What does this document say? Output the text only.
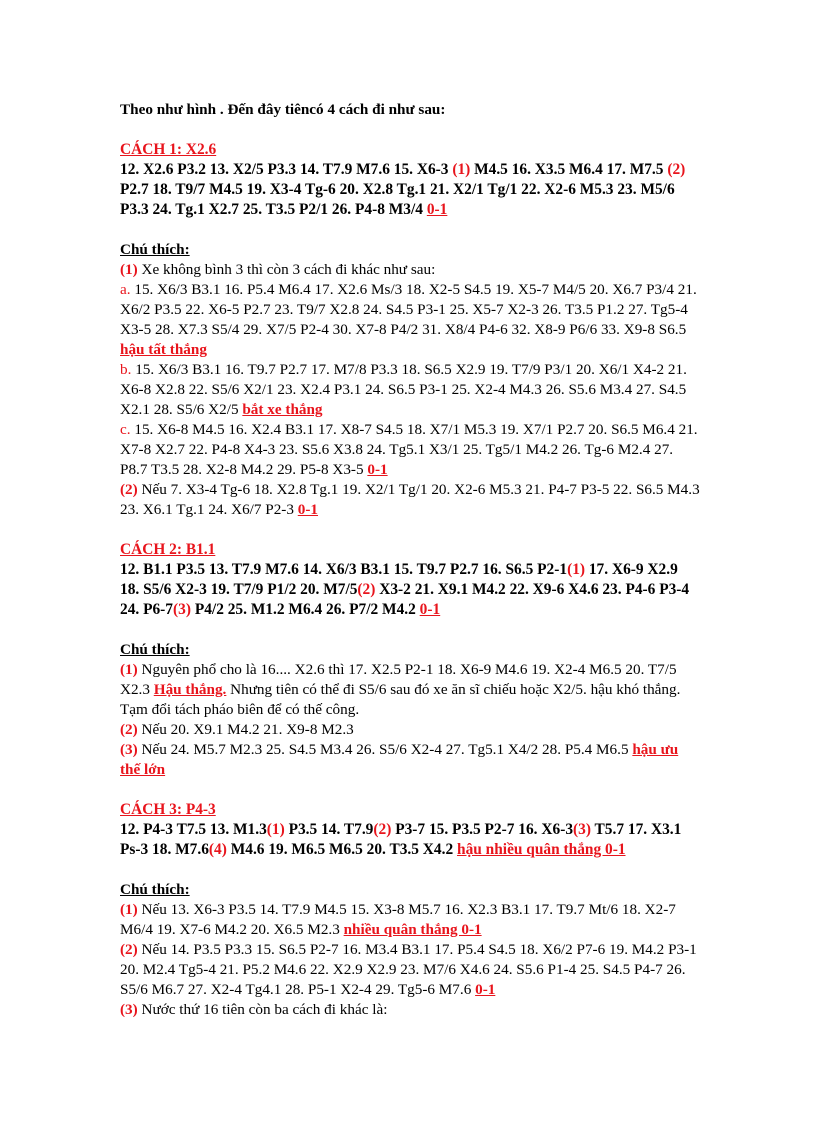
Theo như hình . Đến đây tiêncó 4 cách đi như sau:

CÁCH 1: X2.6

12. X2.6 P3.2 13. X2/5 P3.3 14. T7.9 M7.6 15. X6-3 (1) M4.5 16. X3.5 M6.4 17. M7.5 (2) P2.7 18. T9/7 M4.5 19. X3-4 Tg-6 20. X2.8 Tg.1 21. X2/1 Tg/1 22. X2-6 M5.3 23. M5/6 P3.3 24. Tg.1 X2.7 25. T3.5 P2/1 26. P4-8 M3/4 0-1

Chú thích:

(1) Xe không bình 3 thì còn 3 cách đi khác như sau:

a. 15. X6/3 B3.1 16. P5.4 M6.4 17. X2.6 Ms/3 18. X2-5 S4.5 19. X5-7 M4/5 20. X6.7 P3/4 21. X6/2 P3.5 22. X6-5 P2.7 23. T9/7 X2.8 24. S4.5 P3-1 25. X5-7 X2-3 26. T3.5 P1.2 27. Tg5-4 X3-5 28. X7.3 S5/4 29. X7/5 P2-4 30. X7-8 P4/2 31. X8/4 P4-6 32. X8-9 P6/6 33. X9-8 S6.5 hậu tất thắng

b. 15. X6/3 B3.1 16. T9.7 P2.7 17. M7/8 P3.3 18. S6.5 X2.9 19. T7/9 P3/1 20. X6/1 X4-2 21. X6-8 X2.8 22. S5/6 X2/1 23. X2.4 P3.1 24. S6.5 P3-1 25. X2-4 M4.3 26. S5.6 M3.4 27. S4.5 X2.1 28. S5/6 X2/5 bắt xe thắng

c. 15. X6-8 M4.5 16. X2.4 B3.1 17. X8-7 S4.5 18. X7/1 M5.3 19. X7/1 P2.7 20. S6.5 M6.4 21. X7-8 X2.7 22. P4-8 X4-3 23. S5.6 X3.8 24. Tg5.1 X3/1 25. Tg5/1 M4.2 26. Tg-6 M2.4 27. P8.7 T3.5 28. X2-8 M4.2 29. P5-8 X3-5 0-1

(2) Nếu 7. X3-4 Tg-6 18. X2.8 Tg.1 19. X2/1 Tg/1 20. X2-6 M5.3 21. P4-7 P3-5 22. S6.5 M4.3 23. X6.1 Tg.1 24. X6/7 P2-3 0-1

CÁCH 2: B1.1

12. B1.1 P3.5 13. T7.9 M7.6 14. X6/3 B3.1 15. T9.7 P2.7 16. S6.5 P2-1(1) 17. X6-9 X2.9 18. S5/6 X2-3 19. T7/9 P1/2 20. M7/5(2) X3-2 21. X9.1 M4.2 22. X9-6 X4.6 23. P4-6 P3-4 24. P6-7(3) P4/2 25. M1.2 M6.4 26. P7/2 M4.2 0-1

Chú thích:

(1) Nguyên phổ cho là 16.... X2.6 thì 17. X2.5 P2-1 18. X6-9 M4.6 19. X2-4 M6.5 20. T7/5 X2.3 Hậu thắng. Nhưng tiên có thể đi S5/6 sau đó xe ăn sĩ chiếu hoặc X2/5. hậu khó thắng. Tạm đổi tách pháo biên để có thế công.

(2) Nếu 20. X9.1 M4.2 21. X9-8 M2.3

(3) Nếu 24. M5.7 M2.3 25. S4.5 M3.4 26. S5/6 X2-4 27. Tg5.1 X4/2 28. P5.4 M6.5 hậu ưu thế lớn

CÁCH 3: P4-3

12. P4-3 T7.5 13. M1.3(1) P3.5 14. T7.9(2) P3-7 15. P3.5 P2-7 16. X6-3(3) T5.7 17. X3.1 Ps-3 18. M7.6(4) M4.6 19. M6.5 M6.5 20. T3.5 X4.2 hậu nhiều quân thắng 0-1

Chú thích:

(1) Nếu 13. X6-3 P3.5 14. T7.9 M4.5 15. X3-8 M5.7 16. X2.3 B3.1 17. T9.7 Mt/6 18. X2-7 M6/4 19. X7-6 M4.2 20. X6.5 M2.3 nhiều quân thắng 0-1

(2) Nếu 14. P3.5 P3.3 15. S6.5 P2-7 16. M3.4 B3.1 17. P5.4 S4.5 18. X6/2 P7-6 19. M4.2 P3-1 20. M2.4 Tg5-4 21. P5.2 M4.6 22. X2.9 X2.9 23. M7/6 X4.6 24. S5.6 P1-4 25. S4.5 P4-7 26. S5/6 M6.7 27. X2-4 Tg4.1 28. P5-1 X2-4 29. Tg5-6 M7.6 0-1

(3) Nước thứ 16 tiên còn ba cách đi khác là:
